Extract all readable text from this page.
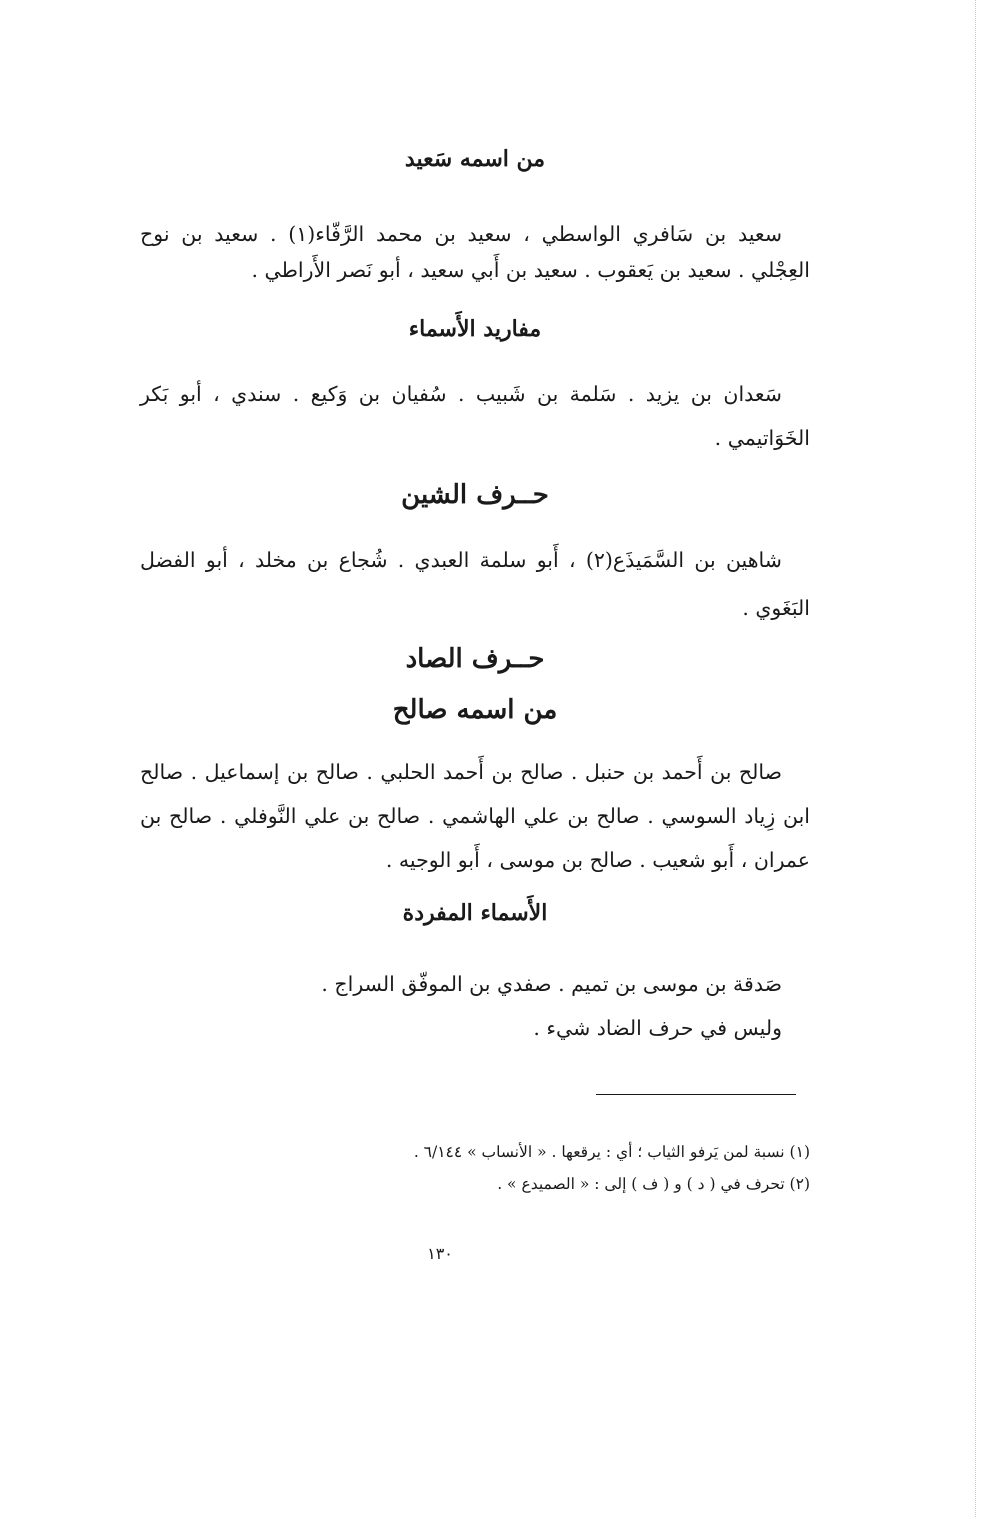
من اسمه سَعيد
سعيد بن سَافري الواسطي ، سعيد بن محمد الرَّفّاء(١) . سعيد بن نوح
العِجْلي . سعيد بن يَعقوب . سعيد بن أَبي سعيد ، أبو نَصر الأَراطي .
مفاريد الأَسماء
سَعدان بن يزيد . سَلمة بن شَبيب . سُفيان بن وَكيع . سندي ، أبو بَكر
الخَوَاتيمي .
حــرف الشين
شاهين بن السَّمَيذَع(٢) ، أَبو سلمة العبدي . شُجاع بن مخلد ، أبو الفضل
البَغَوي .
حــرف الصاد
من اسمه صالح
صالح بن أَحمد بن حنبل . صالح بن أَحمد الحلبي . صالح بن إسماعيل . صالح
ابن زِياد السوسي . صالح بن علي الهاشمي . صالح بن علي النَّوفلي . صالح بن
عمران ، أَبو شعيب . صالح بن موسى ، أَبو الوجيه .
الأَسماء المفردة
صَدقة بن موسى بن تميم . صفدي بن الموفّق السراج .
وليس في حرف الضاد شيء .
(١) نسبة لمن يَرفو الثياب ؛ أي : يرقعها . « الأنساب » ٦/١٤٤ .
(٢) تحرف في ( د ) و ( ف ) إلى : « الصميدع » .
١٣٠
